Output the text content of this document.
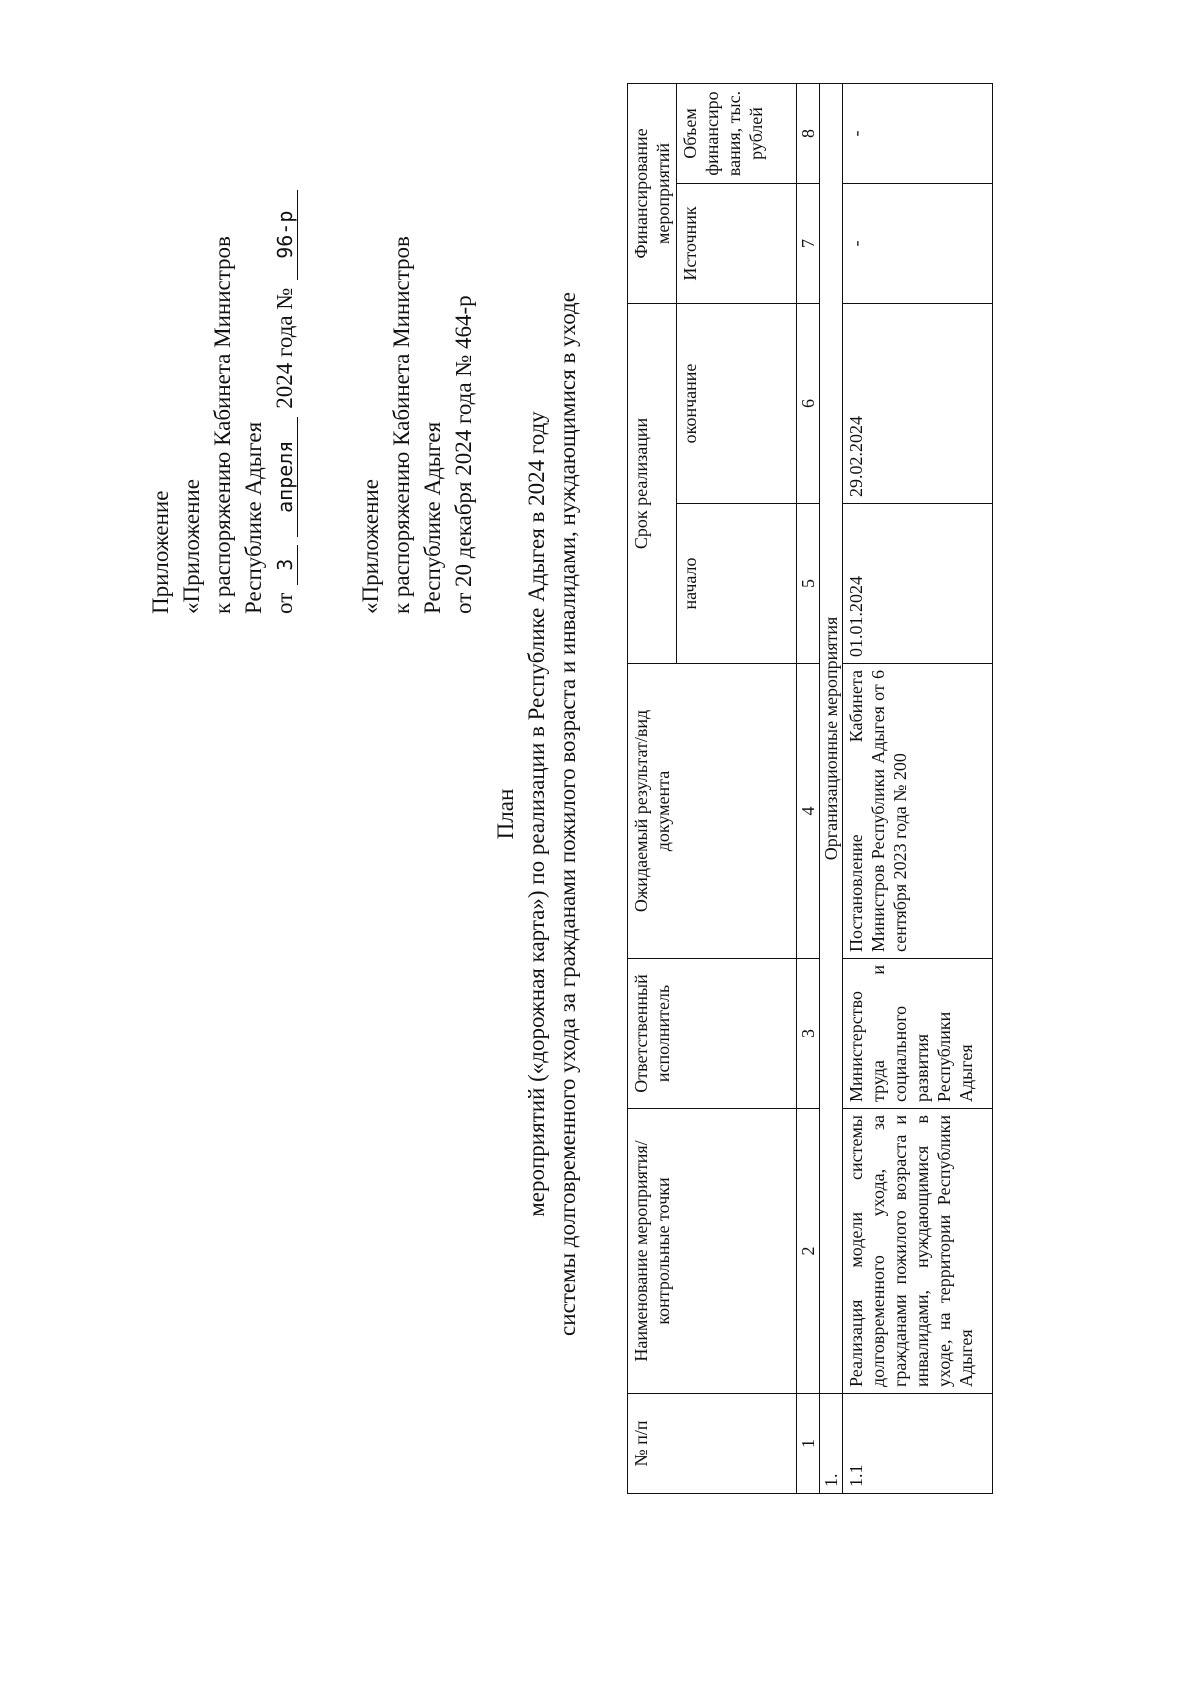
Приложение «Приложение к распоряжению Кабинета Министров Республике Адыгея от3апреля2024 года №96-р
«Приложение к распоряжению Кабинета Министров Республике Адыгея от 20 декабря 2024 года № 464-р
План мероприятий («дорожная карта») по реализации в Республике Адыгея в 2024 году системы долговременного ухода за гражданами пожилого возраста и инвалидами, нуждающимися в уходе
№ п/п	Наименование мероприятия/ контрольные точки	Ответственный исполнитель	Ожидаемый результат/вид документа	Срок реализации		Финансирование мероприятий	
				начало	окончание	Источник	Объем финансиро вания, тыс. рублей
1	2	3	4	5	6	7	8
1.	Организационные мероприятия						
1.1	Реализация модели системы долговременного ухода, за гражданами пожилого возраста и инвалидами, нуждающимися в уходе, на территории Республики Адыгея	Министерство труда и социального развития Республики Адыгея	Постановление Кабинета Министров Республики Адыгея от 6 сентября 2023 года № 200	01.01.2024	29.02.2024	-	-
